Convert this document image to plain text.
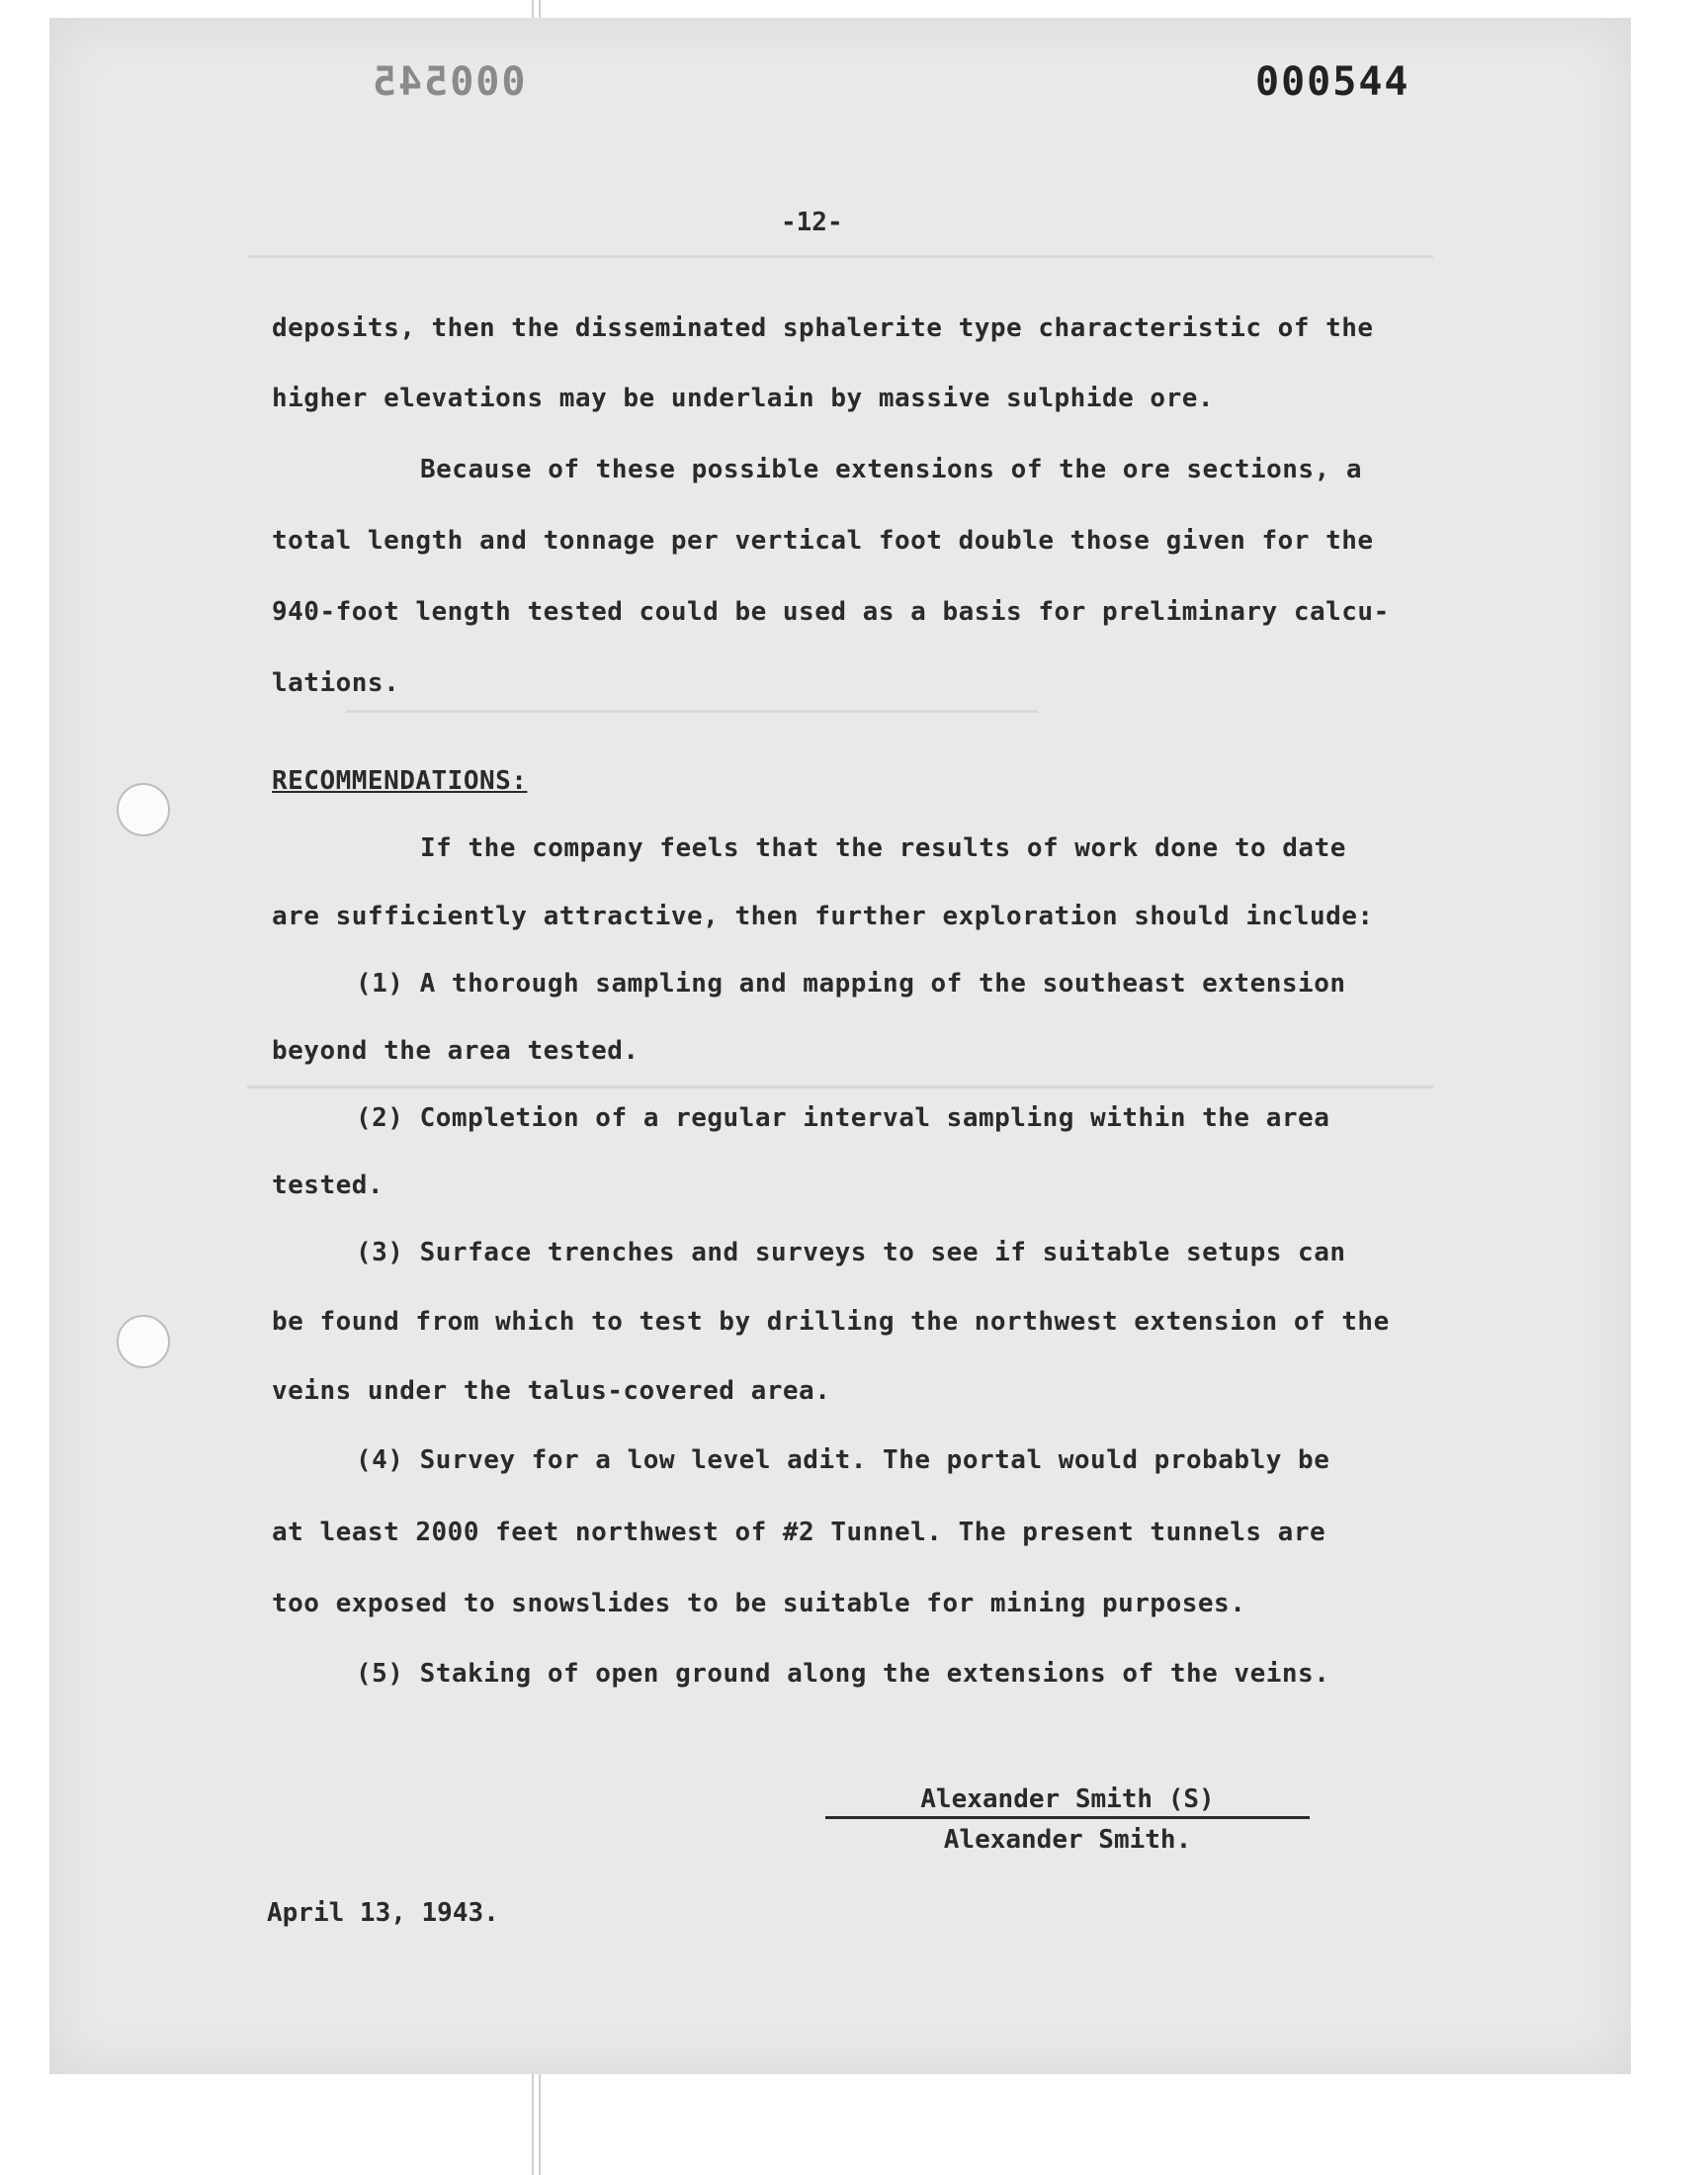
000545	000544
-12-
deposits, then the disseminated sphalerite type characteristic of the
higher elevations may be underlain by massive sulphide ore.
Because of these possible extensions of the ore sections, a
total length and tonnage per vertical foot double those given for the
940-foot length tested could be used as a basis for preliminary calcu-
lations.
RECOMMENDATIONS:
If the company feels that the results of work done to date
are sufficiently attractive, then further exploration should include:
(1) A thorough sampling and mapping of the southeast extension
beyond the area tested.
(2) Completion of a regular interval sampling within the area
tested.
(3) Surface trenches and surveys to see if suitable setups can
be found from which to test by drilling the northwest extension of the
veins under the talus-covered area.
(4) Survey for a low level adit. The portal would probably be
at least 2000 feet northwest of #2 Tunnel. The present tunnels are
too exposed to snowslides to be suitable for mining purposes.
(5) Staking of open ground along the extensions of the veins.
Alexander Smith (S)
Alexander Smith.
April 13, 1943.
